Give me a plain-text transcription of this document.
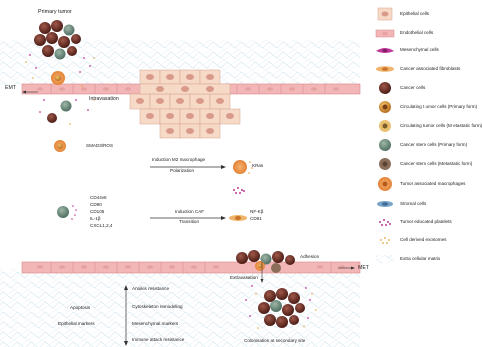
Primary tumor
EMT
Intravasation
SMAD3/ROS
Induction M2 macrophage
Polarization
KRas
CD44v6
CD90
CD105
IL-1β
CXCL1,2,4
Induction CAF
Transition
NF-Kβ
CD81
Adhesion
MET
Extravasation
Apoptosis
Epithelial markers
Anoikis resistance
Cytoskeleton remodeling
Mesenchymal markers
Immune attack resistance	Colonisation at secondary site
Epithelial cells
Endothelial cells
Mesenchymal cells
Cancer associated fibroblasts
Cancer cells
Circulating t umor cells (Primary form)
Circulating tumor cells (M etastatic form)
Cancer stem cells (Primary form)
Cancer stem cells (Metastatic form)
Tumor associated macrophages
Stromal cells
Tumor educated platelets
Cell derived exosomes
Extra cellular matrix
